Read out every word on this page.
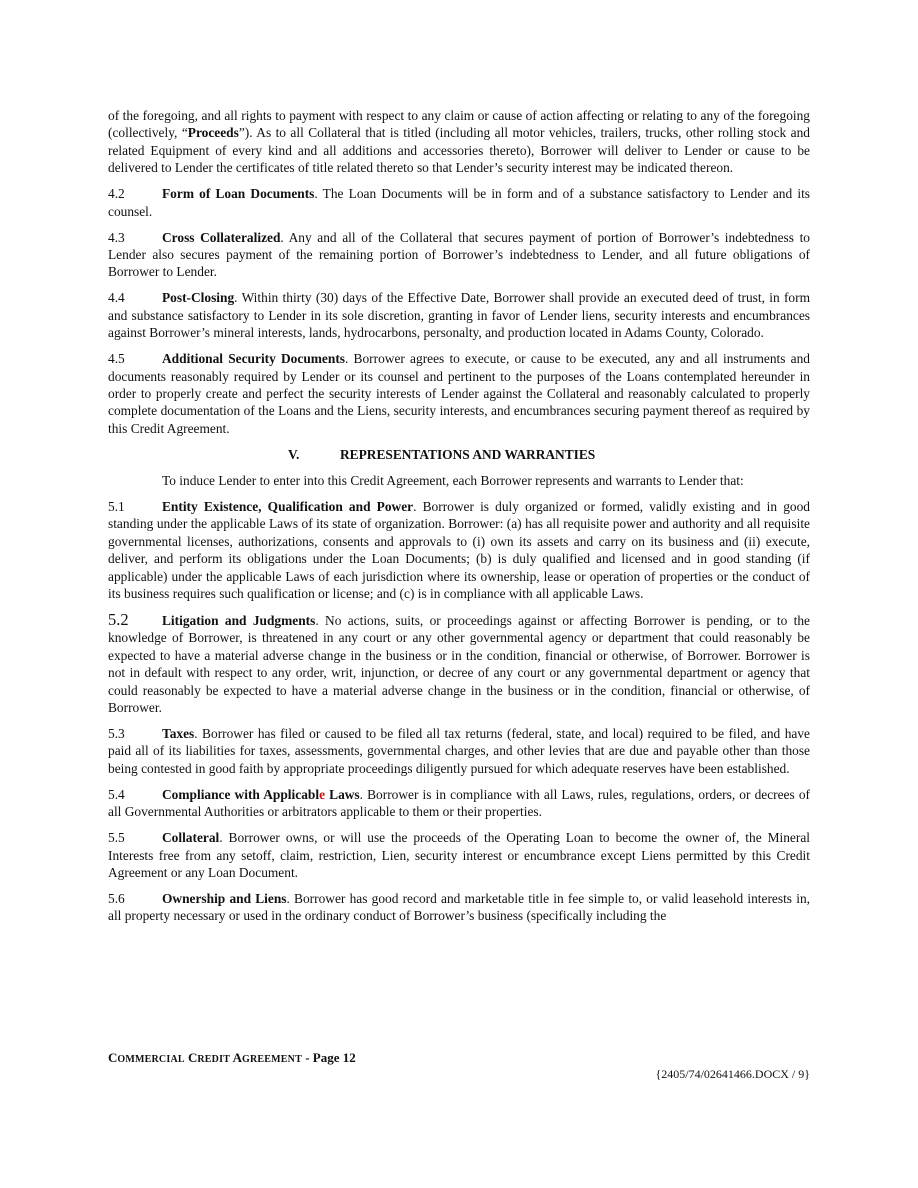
of the foregoing, and all rights to payment with respect to any claim or cause of action affecting or relating to any of the foregoing (collectively, “Proceeds”). As to all Collateral that is titled (including all motor vehicles, trailers, trucks, other rolling stock and related Equipment of every kind and all additions and accessories thereto), Borrower will deliver to Lender or cause to be delivered to Lender the certificates of title related thereto so that Lender’s security interest may be indicated thereon.

4.2	Form of Loan Documents. The Loan Documents will be in form and of a substance satisfactory to Lender and its counsel.

4.3	Cross Collateralized. Any and all of the Collateral that secures payment of portion of Borrower’s indebtedness to Lender also secures payment of the remaining portion of Borrower’s indebtedness to Lender, and all future obligations of Borrower to Lender.

4.4	Post-Closing. Within thirty (30) days of the Effective Date, Borrower shall provide an executed deed of trust, in form and substance satisfactory to Lender in its sole discretion, granting in favor of Lender liens, security interests and encumbrances against Borrower’s mineral interests, lands, hydrocarbons, personalty, and production located in Adams County, Colorado.

4.5	Additional Security Documents. Borrower agrees to execute, or cause to be executed, any and all instruments and documents reasonably required by Lender or its counsel and pertinent to the purposes of the Loans contemplated hereunder in order to properly create and perfect the security interests of Lender against the Collateral and reasonably calculated to properly complete documentation of the Loans and the Liens, security interests, and encumbrances securing payment thereof as required by this Credit Agreement.

V.	REPRESENTATIONS AND WARRANTIES

To induce Lender to enter into this Credit Agreement, each Borrower represents and warrants to Lender that:

5.1	Entity Existence, Qualification and Power. Borrower is duly organized or formed, validly existing and in good standing under the applicable Laws of its state of organization. Borrower: (a) has all requisite power and authority and all requisite governmental licenses, authorizations, consents and approvals to (i) own its assets and carry on its business and (ii) execute, deliver, and perform its obligations under the Loan Documents; (b) is duly qualified and licensed and in good standing (if applicable) under the applicable Laws of each jurisdiction where its ownership, lease or operation of properties or the conduct of its business requires such qualification or license; and (c) is in compliance with all applicable Laws.

5.2 Litigation and Judgments. No actions, suits, or proceedings against or affecting Borrower is pending, or to the knowledge of Borrower, is threatened in any court or any other governmental agency or department that could reasonably be expected to have a material adverse change in the business or in the condition, financial or otherwise, of Borrower. Borrower is not in default with respect to any order, writ, injunction, or decree of any court or any governmental department or agency that could reasonably be expected to have a material adverse change in the business or in the condition, financial or otherwise, of Borrower.

5.3	Taxes. Borrower has filed or caused to be filed all tax returns (federal, state, and local) required to be filed, and have paid all of its liabilities for taxes, assessments, governmental charges, and other levies that are due and payable other than those being contested in good faith by appropriate proceedings diligently pursued for which adequate reserves have been established.

5.4	Compliance with Applicable Laws. Borrower is in compliance with all Laws, rules, regulations, orders, or decrees of all Governmental Authorities or arbitrators applicable to them or their properties.

5.5	Collateral. Borrower owns, or will use the proceeds of the Operating Loan to become the owner of, the Mineral Interests free from any setoff, claim, restriction, Lien, security interest or encumbrance except Liens permitted by this Credit Agreement or any Loan Document.

5.6	Ownership and Liens. Borrower has good record and marketable title in fee simple to, or valid leasehold interests in, all property necessary or used in the ordinary conduct of Borrower’s business (specifically including the

COMMERCIAL CREDIT AGREEMENT - Page 12
{2405/74/02641466.DOCX / 9}
